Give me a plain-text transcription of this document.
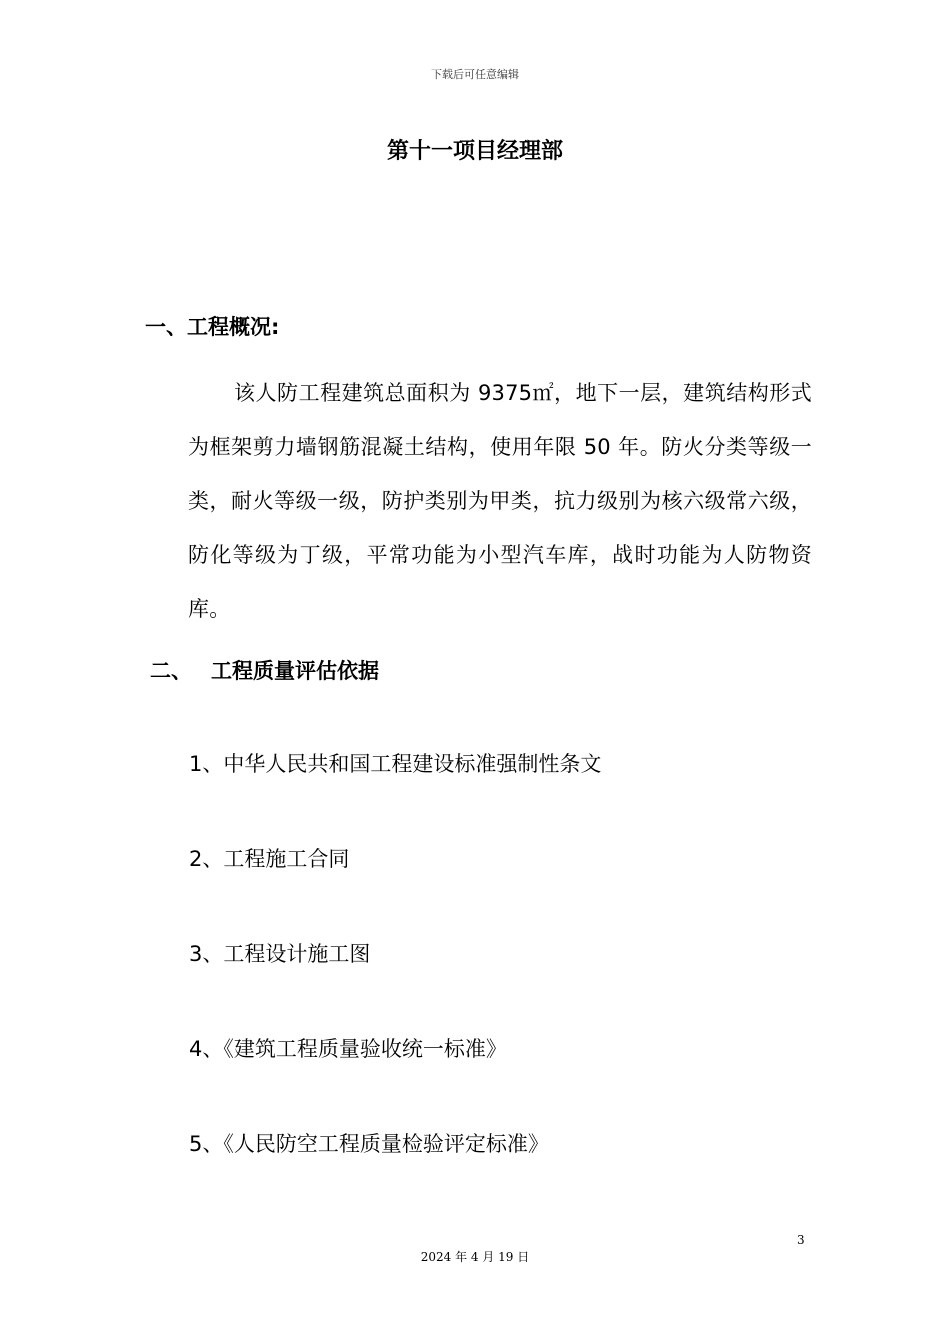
下载后可任意编辑
第十一项目经理部
一、工程概况:

该人防工程建筑总面积为 9375㎡，地下一层，建筑结构形式为框架剪力墙钢筋混凝土结构，使用年限 50 年。防火分类等级一类，耐火等级一级，防护类别为甲类，抗力级别为核六级常六级，防化等级为丁级，平常功能为小型汽车库，战时功能为人防物资库。

二、 工程质量评估依据
1、中华人民共和国工程建设标准强制性条文
2、工程施工合同
3、工程设计施工图
4、《建筑工程质量验收统一标准》
5、《人民防空工程质量检验评定标准》
3
2024 年 4 月 19 日
